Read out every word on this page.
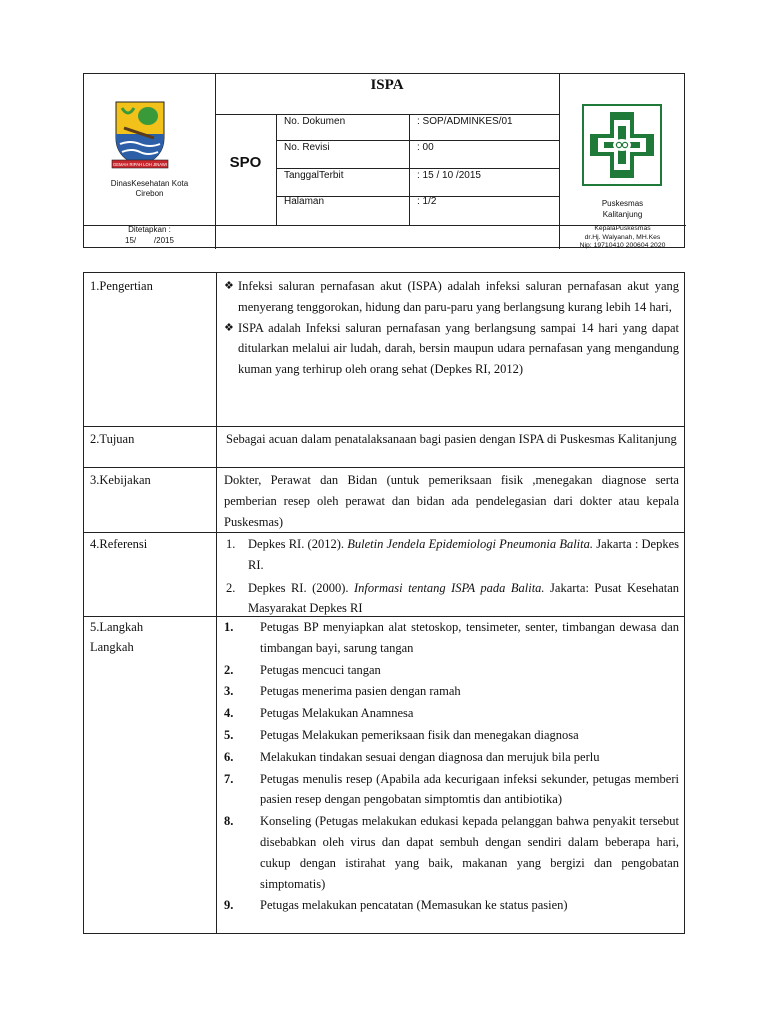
GEMAH RIPAH LOH JINAWI
DinasKesehatan Kota
Cirebon
ISPA
SPO
No. Dokumen	: SOP/ADMINKES/01
No. Revisi	: 00
TanggalTerbit	: 15 / 10 /2015
Halaman	: 1/2	Puskesmas
Kalitanjung
Ditetapkan :
15/        /2015
KepalaPuskesmas
dr.Hj. Walyanah, MH.Kes
Nip: 19710410 200604 2020
1.Pengertian	❖ Infeksi saluran pernafasan akut (ISPA) adalah infeksi saluran pernafasan akut yang menyerang tenggorokan, hidung dan paru-paru yang berlangsung kurang lebih 14 hari,
❖ ISPA adalah Infeksi saluran pernafasan yang berlangsung sampai 14 hari yang dapat ditularkan melalui air ludah, darah, bersin maupun udara pernafasan yang mengandung kuman yang terhirup oleh orang sehat (Depkes RI, 2012)
2.Tujuan	Sebagai acuan dalam penatalaksanaan bagi pasien dengan ISPA di Puskesmas Kalitanjung
3.Kebijakan	Dokter, Perawat dan Bidan (untuk pemeriksaan fisik ,menegakan diagnose serta pemberian resep oleh perawat dan bidan ada pendelegasian dari dokter atau kepala Puskesmas)
4.Referensi	1. Depkes RI. (2012). Buletin Jendela Epidemiologi Pneumonia Balita. Jakarta : Depkes RI.
2. Depkes RI. (2000). Informasi tentang ISPA pada Balita. Jakarta: Pusat Kesehatan Masyarakat Depkes RI
5.Langkah
Langkah
1. Petugas BP menyiapkan alat stetoskop, tensimeter, senter, timbangan dewasa dan timbangan bayi, sarung tangan
2. Petugas mencuci tangan
3. Petugas menerima pasien dengan ramah
4. Petugas Melakukan Anamnesa
5. Petugas Melakukan pemeriksaan fisik dan menegakan diagnosa
6. Melakukan tindakan sesuai dengan diagnosa dan merujuk bila perlu
7. Petugas menulis resep (Apabila ada kecurigaan infeksi sekunder, petugas memberi pasien resep dengan pengobatan simptomtis dan antibiotika)
8. Konseling (Petugas melakukan edukasi kepada pelanggan bahwa penyakit tersebut disebabkan oleh virus dan dapat sembuh dengan sendiri dalam beberapa hari, cukup dengan istirahat yang baik, makanan yang bergizi dan pengobatan simptomatis)
9. Petugas melakukan pencatatan (Memasukan ke status pasien)
